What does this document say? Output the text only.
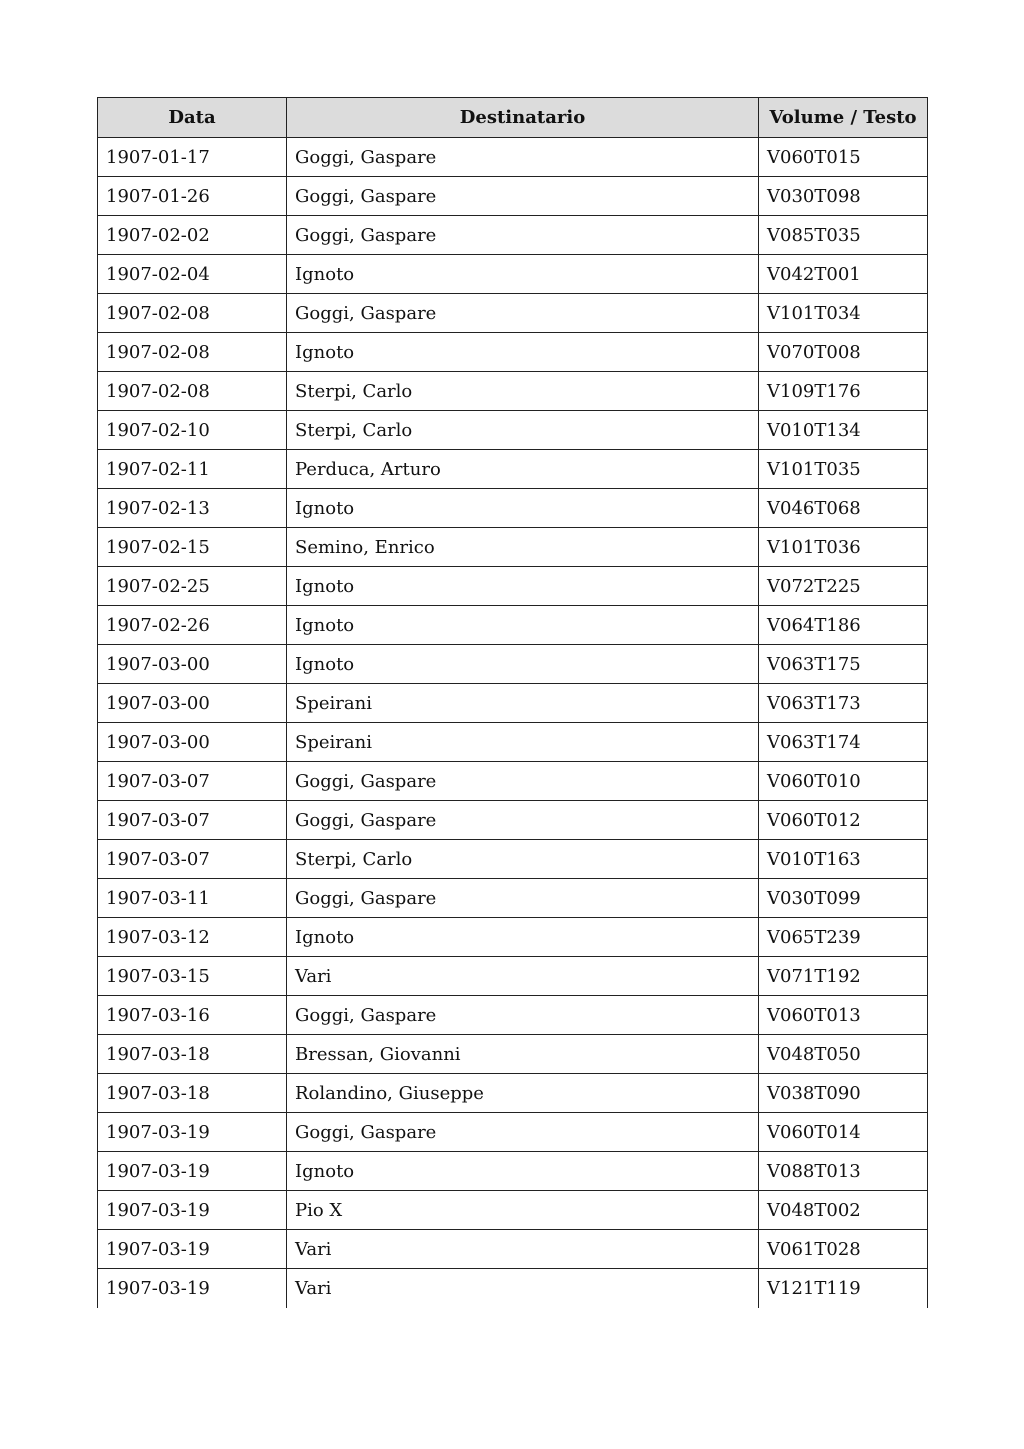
Data	Destinatario	Volume / Testo
1907-01-17	Goggi, Gaspare	V060T015
1907-01-26	Goggi, Gaspare	V030T098
1907-02-02	Goggi, Gaspare	V085T035
1907-02-04	Ignoto	V042T001
1907-02-08	Goggi, Gaspare	V101T034
1907-02-08	Ignoto	V070T008
1907-02-08	Sterpi, Carlo	V109T176
1907-02-10	Sterpi, Carlo	V010T134
1907-02-11	Perduca, Arturo	V101T035
1907-02-13	Ignoto	V046T068
1907-02-15	Semino, Enrico	V101T036
1907-02-25	Ignoto	V072T225
1907-02-26	Ignoto	V064T186
1907-03-00	Ignoto	V063T175
1907-03-00	Speirani	V063T173
1907-03-00	Speirani	V063T174
1907-03-07	Goggi, Gaspare	V060T010
1907-03-07	Goggi, Gaspare	V060T012
1907-03-07	Sterpi, Carlo	V010T163
1907-03-11	Goggi, Gaspare	V030T099
1907-03-12	Ignoto	V065T239
1907-03-15	Vari	V071T192
1907-03-16	Goggi, Gaspare	V060T013
1907-03-18	Bressan, Giovanni	V048T050
1907-03-18	Rolandino, Giuseppe	V038T090
1907-03-19	Goggi, Gaspare	V060T014
1907-03-19	Ignoto	V088T013
1907-03-19	Pio X	V048T002
1907-03-19	Vari	V061T028
1907-03-19	Vari	V121T119
